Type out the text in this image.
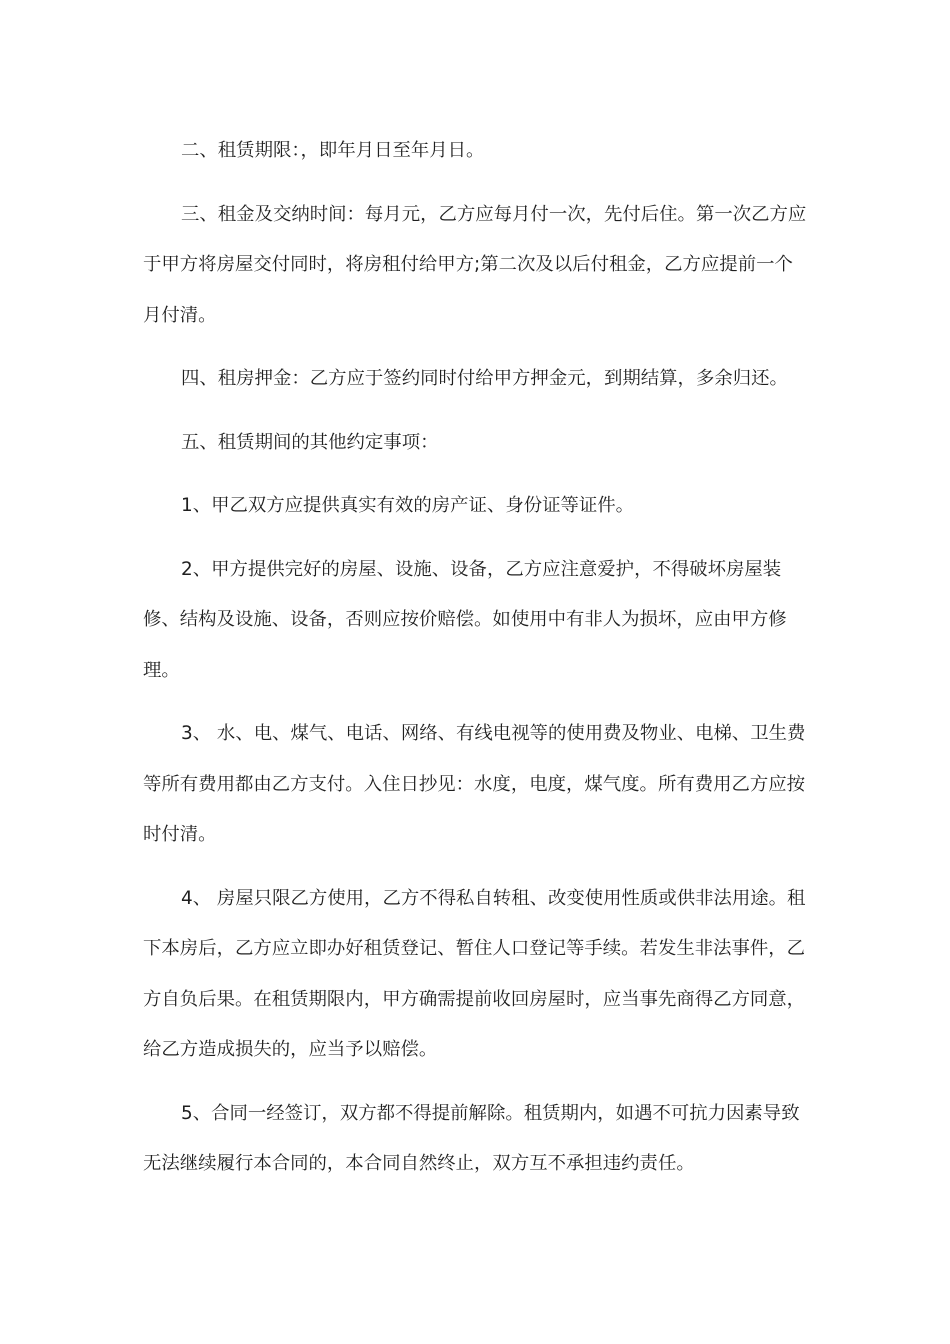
二、租赁期限：，即年月日至年月日。

三、租金及交纳时间：每月元，乙方应每月付一次，先付后住。第一次乙方应于甲方将房屋交付同时，将房租付给甲方;第二次及以后付租金，乙方应提前一个月付清。

四、租房押金：乙方应于签约同时付给甲方押金元，到期结算，多余归还。

五、租赁期间的其他约定事项：

1、甲乙双方应提供真实有效的房产证、身份证等证件。

2、甲方提供完好的房屋、设施、设备，乙方应注意爱护，不得破坏房屋装修、结构及设施、设备，否则应按价赔偿。如使用中有非人为损坏，应由甲方修理。

3、 水、电、煤气、电话、网络、有线电视等的使用费及物业、电梯、卫生费等所有费用都由乙方支付。入住日抄见：水度，电度，煤气度。所有费用乙方应按时付清。

4、 房屋只限乙方使用，乙方不得私自转租、改变使用性质或供非法用途。租下本房后，乙方应立即办好租赁登记、暂住人口登记等手续。若发生非法事件，乙方自负后果。在租赁期限内，甲方确需提前收回房屋时，应当事先商得乙方同意，给乙方造成损失的，应当予以赔偿。

5、合同一经签订，双方都不得提前解除。租赁期内，如遇不可抗力因素导致无法继续履行本合同的，本合同自然终止，双方互不承担违约责任。
